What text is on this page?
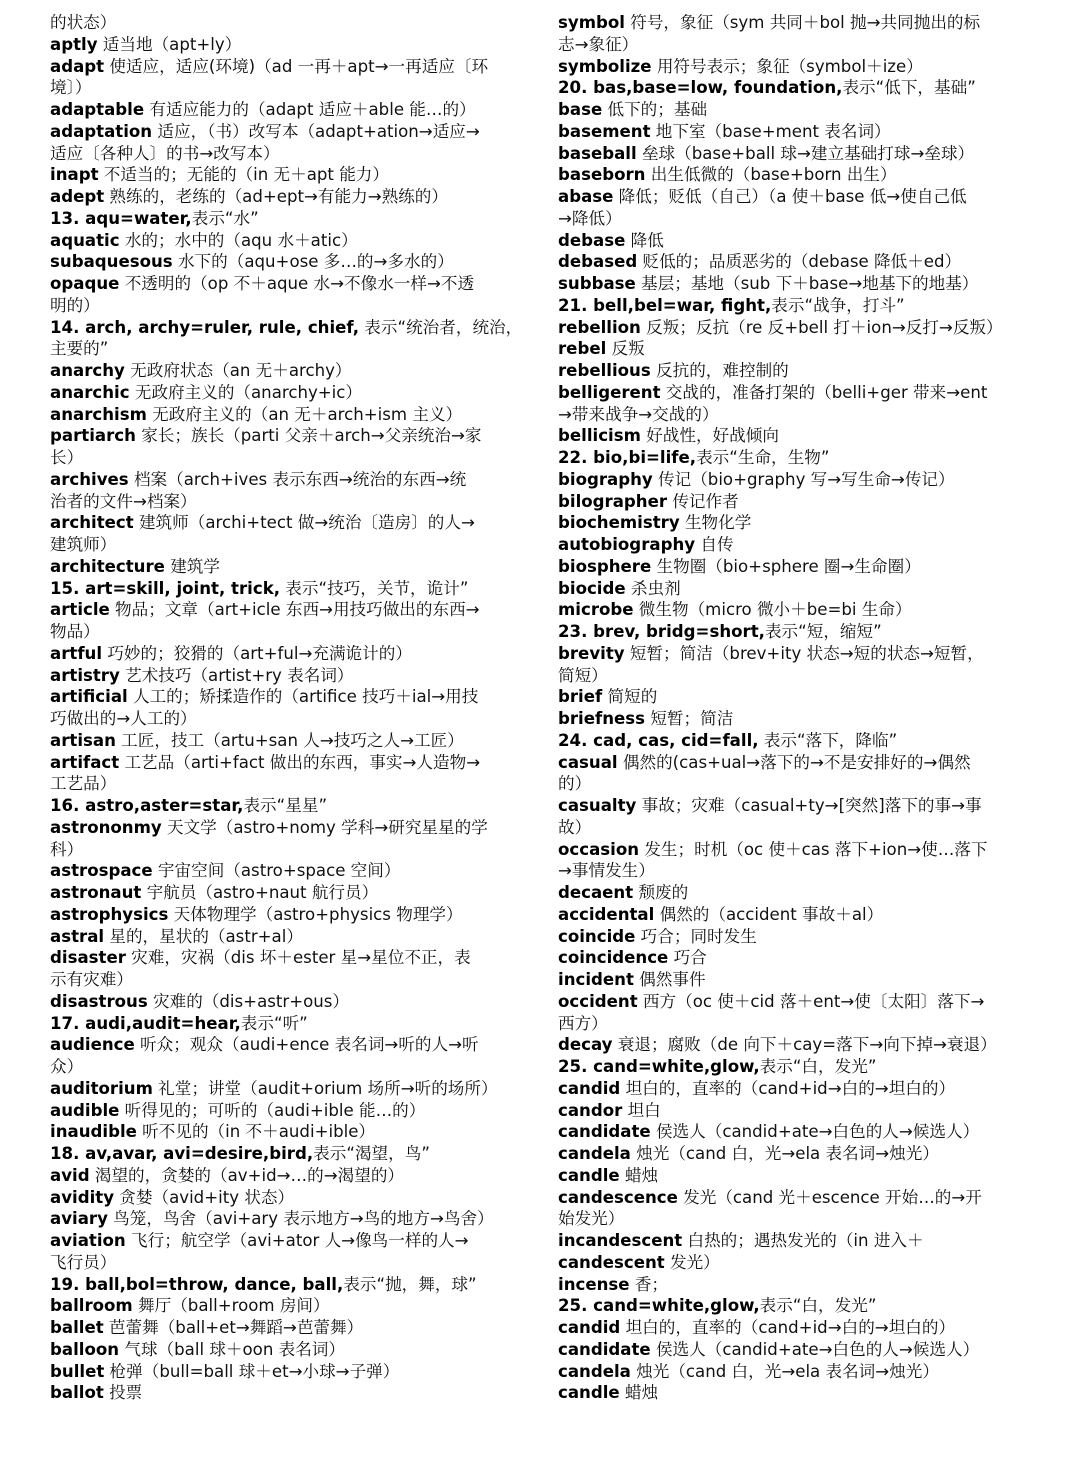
的状态）
aptly 适当地（apt+ly）
adapt 使适应，适应(环境)（ad 一再＋apt→一再适应〔环
境〕）
adaptable 有适应能力的（adapt 适应＋able 能…的）
adaptation 适应，（书）改写本（adapt+ation→适应→
适应〔各种人〕的书→改写本）
inapt 不适当的；无能的（in 无＋apt 能力）
adept 熟练的，老练的（ad+ept→有能力→熟练的）
13. aqu=water,表示“水”
aquatic 水的；水中的（aqu 水＋atic）
subaquesous 水下的（aqu+ose 多…的→多水的）
opaque 不透明的（op 不＋aque 水→不像水一样→不透
明的）
14. arch, archy=ruler, rule, chief, 表示“统治者，统治，
主要的”
anarchy 无政府状态（an 无＋archy）
anarchic 无政府主义的（anarchy+ic）
anarchism 无政府主义的（an 无＋arch+ism 主义）
partiarch 家长；族长（parti 父亲＋arch→父亲统治→家
长）
archives 档案（arch+ives 表示东西→统治的东西→统
治者的文件→档案）
architect 建筑师（archi+tect 做→统治〔造房〕的人→
建筑师）
architecture 建筑学
15. art=skill, joint, trick, 表示“技巧，关节，诡计”
article 物品；文章（art+icle 东西→用技巧做出的东西→
物品）
artful 巧妙的；狡猾的（art+ful→充满诡计的）
artistry 艺术技巧（artist+ry 表名词）
artificial 人工的；矫揉造作的（artifice 技巧＋ial→用技
巧做出的→人工的）
artisan 工匠，技工（artu+san 人→技巧之人→工匠）
artifact 工艺品（arti+fact 做出的东西，事实→人造物→
工艺品）
16. astro,aster=star,表示“星星”
astrononmy 天文学（astro+nomy 学科→研究星星的学
科）
astrospace 宇宙空间（astro+space 空间）
astronaut 宇航员（astro+naut 航行员）
astrophysics 天体物理学（astro+physics 物理学）
astral 星的，星状的（astr+al）
disaster 灾难，灾祸（dis 坏＋ester 星→星位不正，表
示有灾难）
disastrous 灾难的（dis+astr+ous）
17. audi,audit=hear,表示“听”
audience 听众；观众（audi+ence 表名词→听的人→听
众）
auditorium 礼堂；讲堂（audit+orium 场所→听的场所）
audible 听得见的；可听的（audi+ible 能…的）
inaudible 听不见的（in 不＋audi+ible）
18. av,avar, avi=desire,bird,表示“渴望，鸟”
avid 渴望的，贪婪的（av+id→…的→渴望的）
avidity 贪婪（avid+ity 状态）
aviary 鸟笼，鸟舍（avi+ary 表示地方→鸟的地方→鸟舍）
aviation 飞行；航空学（avi+ator 人→像鸟一样的人→
飞行员）
19. ball,bol=throw, dance, ball,表示“抛，舞，球”
ballroom 舞厅（ball+room 房间）
ballet 芭蕾舞（ball+et→舞蹈→芭蕾舞）
balloon 气球（ball 球＋oon 表名词）
bullet 枪弹（bull=ball 球＋et→小球→子弹）
ballot 投票
symbol 符号，象征（sym 共同＋bol 抛→共同抛出的标
志→象征）
symbolize 用符号表示；象征（symbol＋ize）
20. bas,base=low, foundation,表示“低下，基础”
base 低下的；基础
basement 地下室（base+ment 表名词）
baseball 垒球（base+ball 球→建立基础打球→垒球）
baseborn 出生低微的（base+born 出生）
abase 降低；贬低（自己）（a 使＋base 低→使自己低
→降低）
debase 降低
debased 贬低的；品质恶劣的（debase 降低＋ed）
subbase 基层；基地（sub 下＋base→地基下的地基）
21. bell,bel=war, fight,表示“战争，打斗”
rebellion 反叛；反抗（re 反+bell 打＋ion→反打→反叛）
rebel 反叛
rebellious 反抗的，难控制的
belligerent 交战的，准备打架的（belli+ger 带来→ent
→带来战争→交战的）
bellicism 好战性，好战倾向
22. bio,bi=life,表示“生命，生物”
biography 传记（bio+graphy 写→写生命→传记）
bilographer 传记作者
biochemistry 生物化学
autobiography 自传
biosphere 生物圈（bio+sphere 圈→生命圈）
biocide 杀虫剂
microbe 微生物（micro 微小＋be=bi 生命）
23. brev, bridg=short,表示“短，缩短”
brevity 短暂；简洁（brev+ity 状态→短的状态→短暂，
简短）
brief 简短的
briefness 短暂；简洁
24. cad, cas, cid=fall, 表示“落下，降临”
casual 偶然的(cas+ual→落下的→不是安排好的→偶然
的）
casualty 事故；灾难（casual+ty→[突然]落下的事→事
故）
occasion 发生；时机（oc 使＋cas 落下+ion→使…落下
→事情发生）
decaent 颓废的
accidental 偶然的（accident 事故＋al）
coincide 巧合；同时发生
coincidence 巧合
incident 偶然事件
occident 西方（oc 使＋cid 落＋ent→使〔太阳〕落下→
西方）
decay 衰退；腐败（de 向下＋cay=落下→向下掉→衰退）
25. cand=white,glow,表示“白，发光”
candid 坦白的，直率的（cand+id→白的→坦白的）
candor 坦白
candidate 侯选人（candid+ate→白色的人→候选人）
candela 烛光（cand 白，光→ela 表名词→烛光）
candle 蜡烛
candescence 发光（cand 光＋escence 开始…的→开
始发光）
incandescent 白热的；遇热发光的（in 进入＋
candescent 发光）
incense 香；
25. cand=white,glow,表示“白，发光”
candid 坦白的，直率的（cand+id→白的→坦白的）
candidate 侯选人（candid+ate→白色的人→候选人）
candela 烛光（cand 白，光→ela 表名词→烛光）
candle 蜡烛
